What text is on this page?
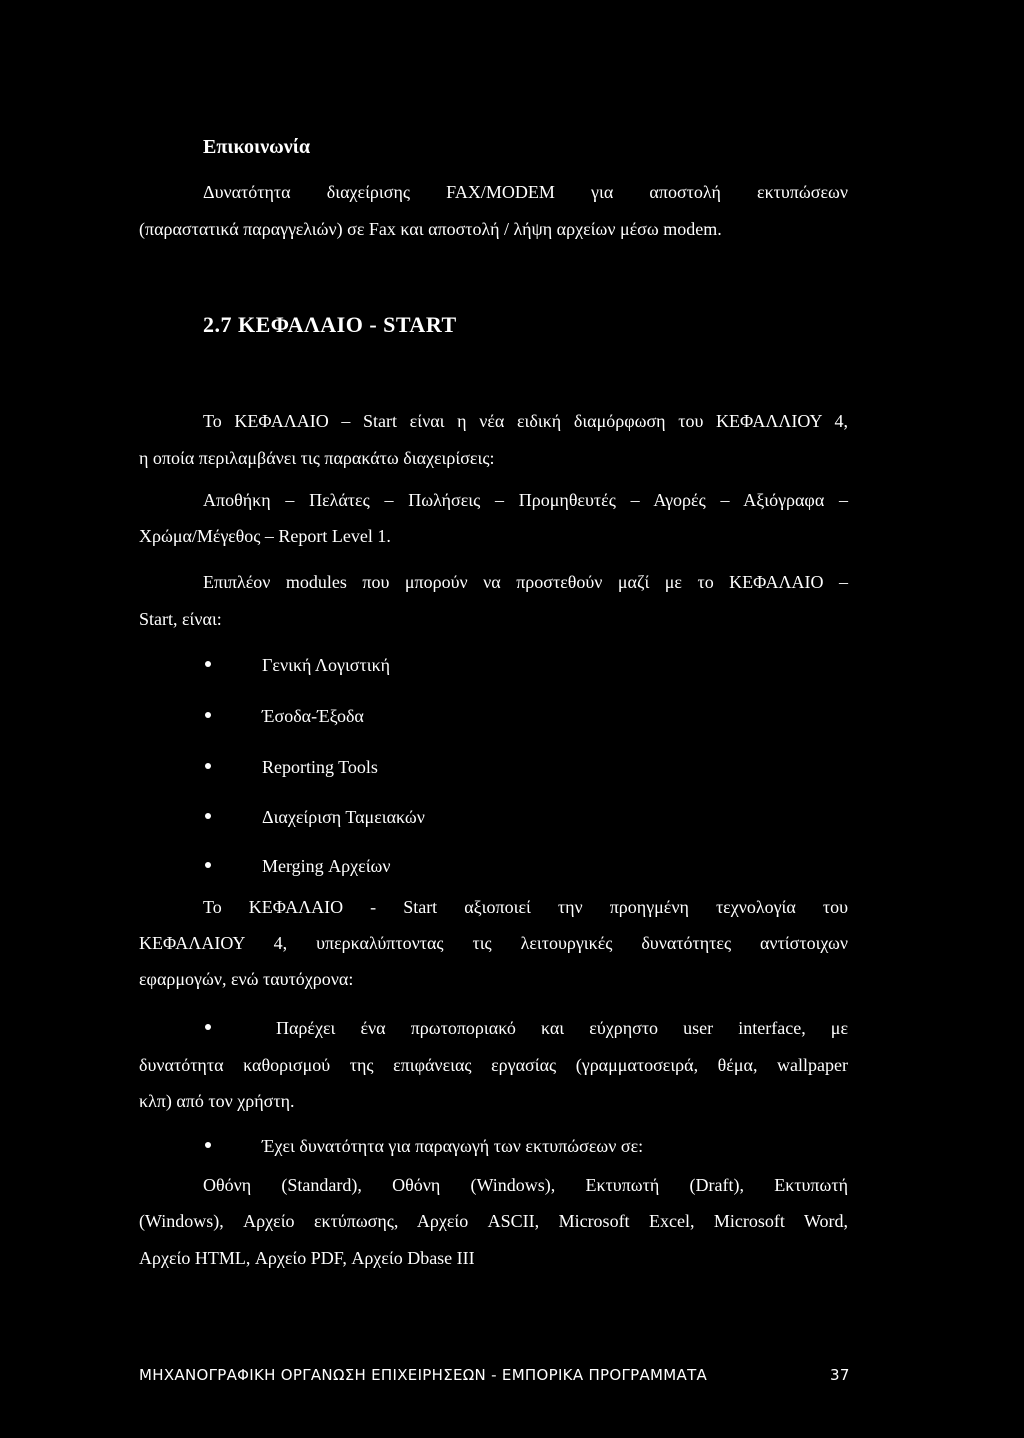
Επικοινωνία
Δυνατότητα διαχείρισης FAX/MODEM για αποστολή εκτυπώσεων
(παραστατικά παραγγελιών) σε Fax και αποστολή / λήψη αρχείων μέσω modem.
2.7 ΚΕΦΑΛΑΙΟ - START
Το ΚΕΦΑΛΑΙΟ – Start είναι η νέα ειδική διαμόρφωση του ΚΕΦΑΛΛΙΟΥ 4,
η οποία περιλαμβάνει τις παρακάτω διαχειρίσεις:
Αποθήκη – Πελάτες – Πωλήσεις – Προμηθευτές – Αγορές – Αξιόγραφα –
Χρώμα/Μέγεθος – Report Level 1.
Επιπλέον modules που μπορούν να προστεθούν μαζί με το ΚΕΦΑΛΑΙΟ –
Start, είναι:
Γενική Λογιστική
Έσοδα-Έξοδα
Reporting Tools
Διαχείριση Ταμειακών
Merging Αρχείων
Το ΚΕΦΑΛΑΙΟ - Start αξιοποιεί την προηγμένη τεχνολογία του
ΚΕΦΑΛΑΙΟΥ 4, υπερκαλύπτοντας τις λειτουργικές δυνατότητες αντίστοιχων
εφαρμογών, ενώ ταυτόχρονα:
Παρέχει ένα πρωτοποριακό και εύχρηστο user interface, με
δυνατότητα καθορισμού της επιφάνειας εργασίας (γραμματοσειρά, θέμα, wallpaper
κλπ) από τον χρήστη.
Έχει δυνατότητα για παραγωγή των εκτυπώσεων σε:
Οθόνη (Standard), Οθόνη (Windows), Εκτυπωτή (Draft), Εκτυπωτή
(Windows), Αρχείο εκτύπωσης, Αρχείο ASCII, Microsoft Excel, Microsoft Word,
Αρχείο HTML, Αρχείο PDF, Αρχείο Dbase III
ΜΗΧΑΝΟΓΡΑΦΙΚΗ ΟΡΓΑΝΩΣΗ ΕΠΙΧΕΙΡΗΣΕΩΝ - ΕΜΠΟΡΙΚΑ ΠΡΟΓΡΑΜΜΑΤΑ	37
